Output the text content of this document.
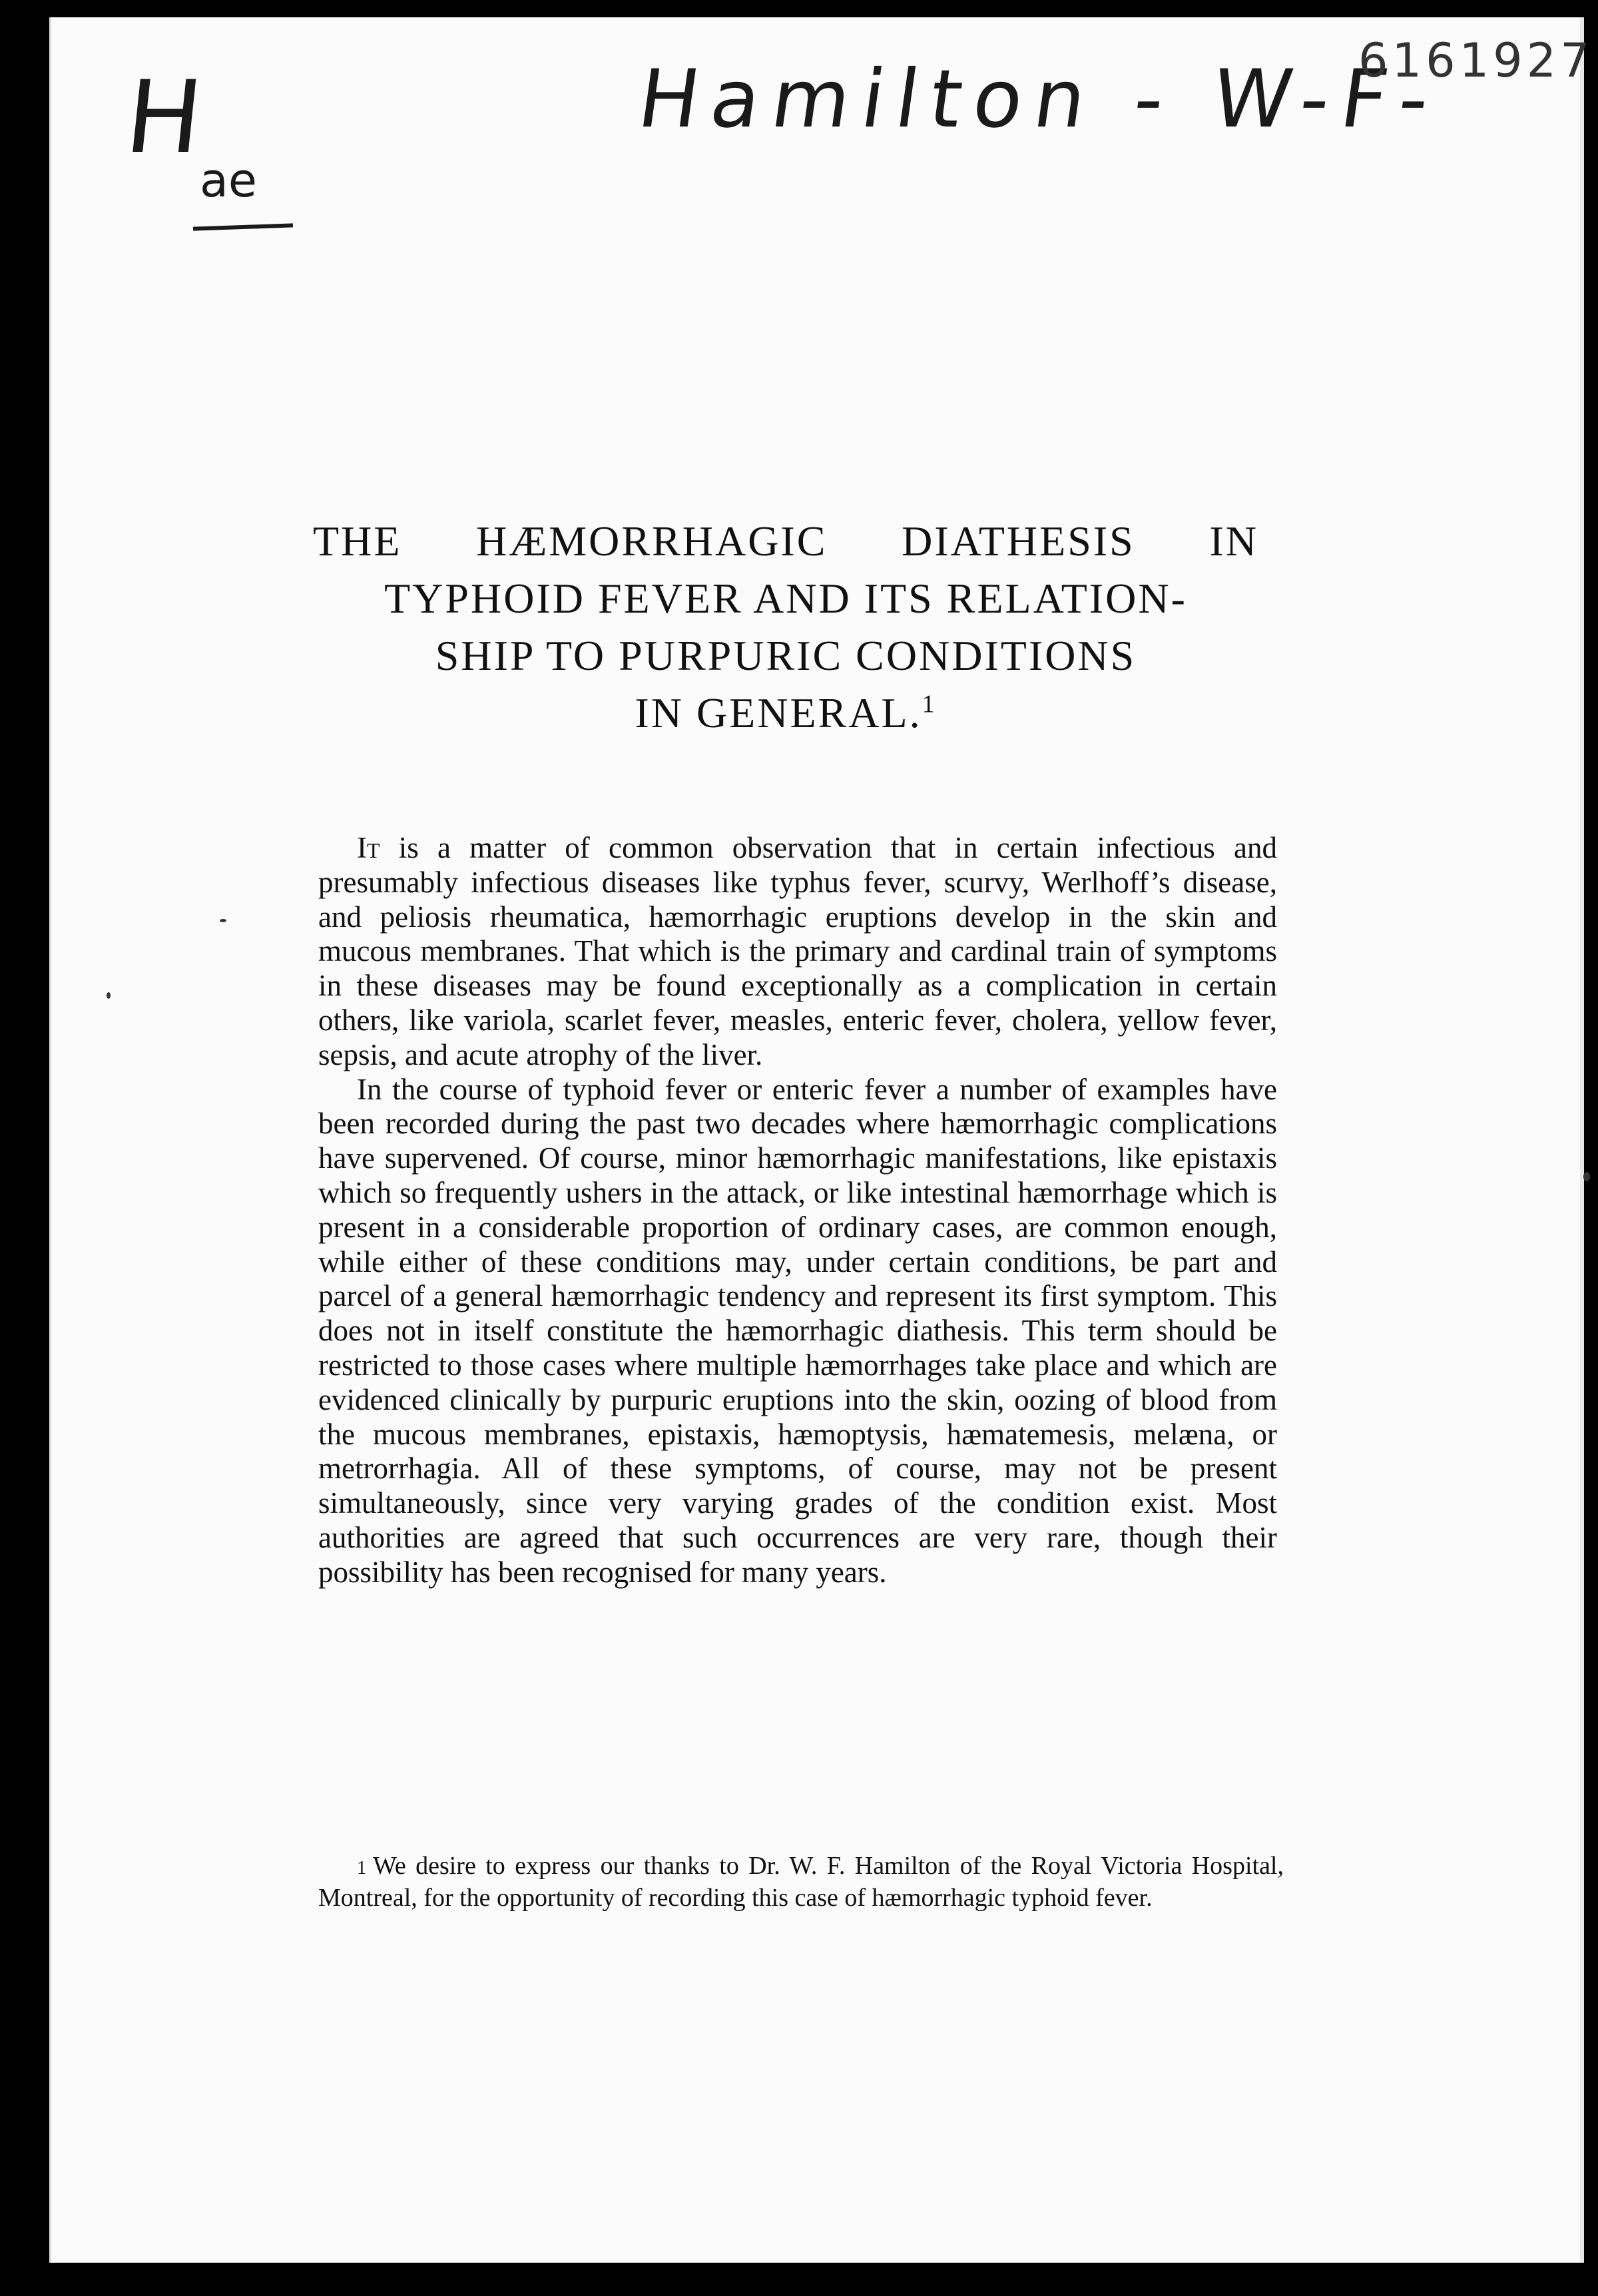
H
ae
Hamilton - W-F-
6161927
THE HÆMORRHAGIC DIATHESIS IN
TYPHOID FEVER AND ITS RELATION-
SHIP TO PURPURIC CONDITIONS
IN GENERAL.$^1$

It is a matter of common observation that in certain infectious and presumably infectious diseases like typhus fever, scurvy, Werlhoff’s disease, and peliosis rheumatica, hæmorrhagic eruptions develop in the skin and mucous membranes. That which is the primary and cardinal train of symptoms in these diseases may be found exceptionally as a complication in certain others, like variola, scarlet fever, measles, enteric fever, cholera, yellow fever, sepsis, and acute atrophy of the liver.

In the course of typhoid fever or enteric fever a number of examples have been recorded during the past two decades where hæmorrhagic complications have supervened. Of course, minor hæmorrhagic manifestations, like epistaxis which so frequently ushers in the attack, or like intestinal hæmorrhage which is present in a considerable proportion of ordinary cases, are common enough, while either of these conditions may, under certain conditions, be part and parcel of a general hæmorrhagic tendency and represent its first symptom. This does not in itself constitute the hæmorrhagic diathesis. This term should be restricted to those cases where multiple hæmorrhages take place and which are evidenced clinically by purpuric eruptions into the skin, oozing of blood from the mucous membranes, epistaxis, hæmoptysis, hæmatemesis, melæna, or metrorrhagia. All of these symptoms, of course, may not be present simultaneously, since very varying grades of the condition exist. Most authorities are agreed that such occurrences are very rare, though their possibility has been recognised for many years.

1 We desire to express our thanks to Dr. W. F. Hamilton of the Royal Victoria Hospital, Montreal, for the opportunity of recording this case of hæmorrhagic typhoid fever.
